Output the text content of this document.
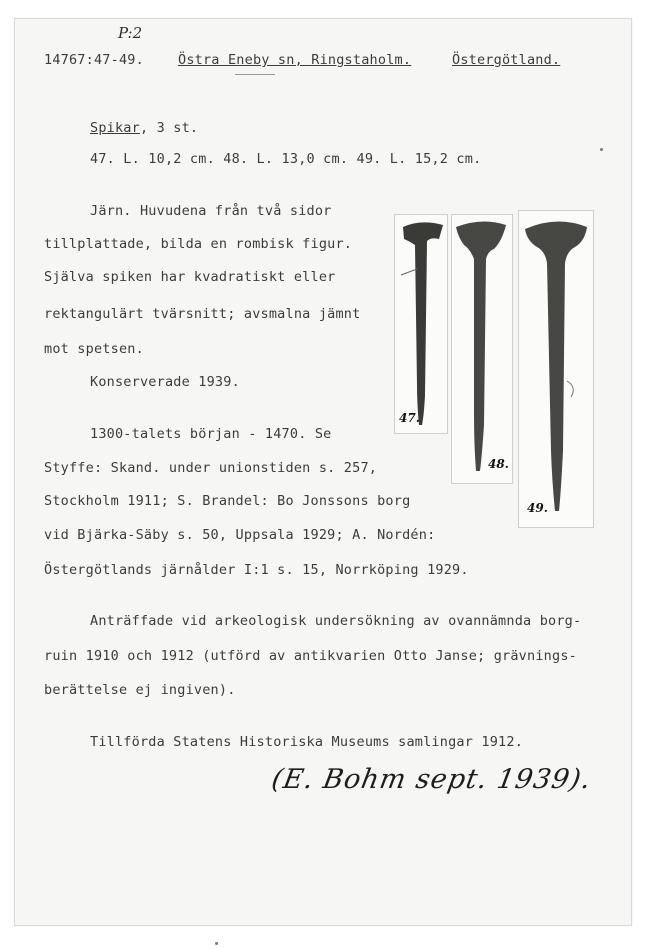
P:2
14767:47-49.	Östra Eneby sn, Ringstaholm.	Östergötland.
Spikar, 3 st.
47. L. 10,2 cm. 48. L. 13,0 cm. 49. L. 15,2 cm.
Järn. Huvudena från två sidor
tillplattade, bilda en rombisk figur.
Själva spiken har kvadratiskt eller
rektangulärt tvärsnitt; avsmalna jämnt
mot spetsen.
Konserverade 1939.
1300-talets början - 1470. Se
Styffe: Skand. under unionstiden s. 257,
Stockholm 1911; S. Brandel: Bo Jonssons borg
vid Bjärka-Säby s. 50, Uppsala 1929; A. Nordén:
Östergötlands järnålder I:1 s. 15, Norrköping 1929.
Anträffade vid arkeologisk undersökning av ovannämnda borg-
ruin 1910 och 1912 (utförd av antikvarien Otto Janse; grävnings-
berättelse ej ingiven).
Tillförda Statens Historiska Museums samlingar 1912.
(E. Bohm sept. 1939).
47.
48.
49.
